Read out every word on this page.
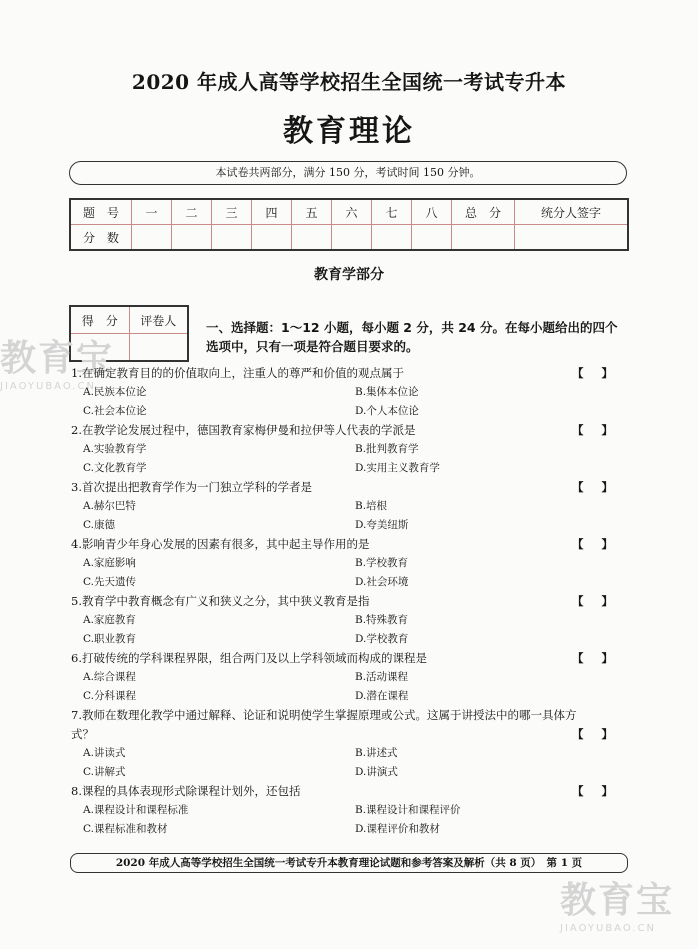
2020 年成人高等学校招生全国统一考试专升本
教育理论
本试卷共两部分，满分 150 分，考试时间 150 分钟。
题　号	一	二	三	四	五	六	七	八	总　分	统分人签字
分　数										
教育学部分
得　分	评卷人
	一、选择题：1～12 小题，每小题 2 分，共 24 分。在每小题给出的四个选项中，只有一项是符合题目要求的。
教育宝
JIAOYUBAO.CN
1.在确定教育目的的价值取向上，注重人的尊严和价值的观点属于	【】
A.民族本位论	B.集体本位论
C.社会本位论	D.个人本位论
2.在教学论发展过程中，德国教育家梅伊曼和拉伊等人代表的学派是	【】
A.实验教育学	B.批判教育学
C.文化教育学	D.实用主义教育学
3.首次提出把教育学作为一门独立学科的学者是	【】
A.赫尔巴特	B.培根
C.康德	D.夸美纽斯
4.影响青少年身心发展的因素有很多，其中起主导作用的是	【】
A.家庭影响	B.学校教育
C.先天遗传	D.社会环境
5.教育学中教育概念有广义和狭义之分，其中狭义教育是指	【】
A.家庭教育	B.特殊教育
C.职业教育	D.学校教育
6.打破传统的学科课程界限，组合两门及以上学科领域而构成的课程是	【】
A.综合课程	B.活动课程
C.分科课程	D.潜在课程
7.教师在数理化教学中通过解释、论证和说明使学生掌握原理或公式。这属于讲授法中的哪一具体方式？	【】
A.讲读式	B.讲述式
C.讲解式	D.讲演式
8.课程的具体表现形式除课程计划外，还包括	【】
A.课程设计和课程标准	B.课程设计和课程评价
C.课程标准和教材	D.课程评价和教材
2020 年成人高等学校招生全国统一考试专升本教育理论试题和参考答案及解析（共 8 页）　第 1 页
教育宝
JIAOYUBAO.CN
